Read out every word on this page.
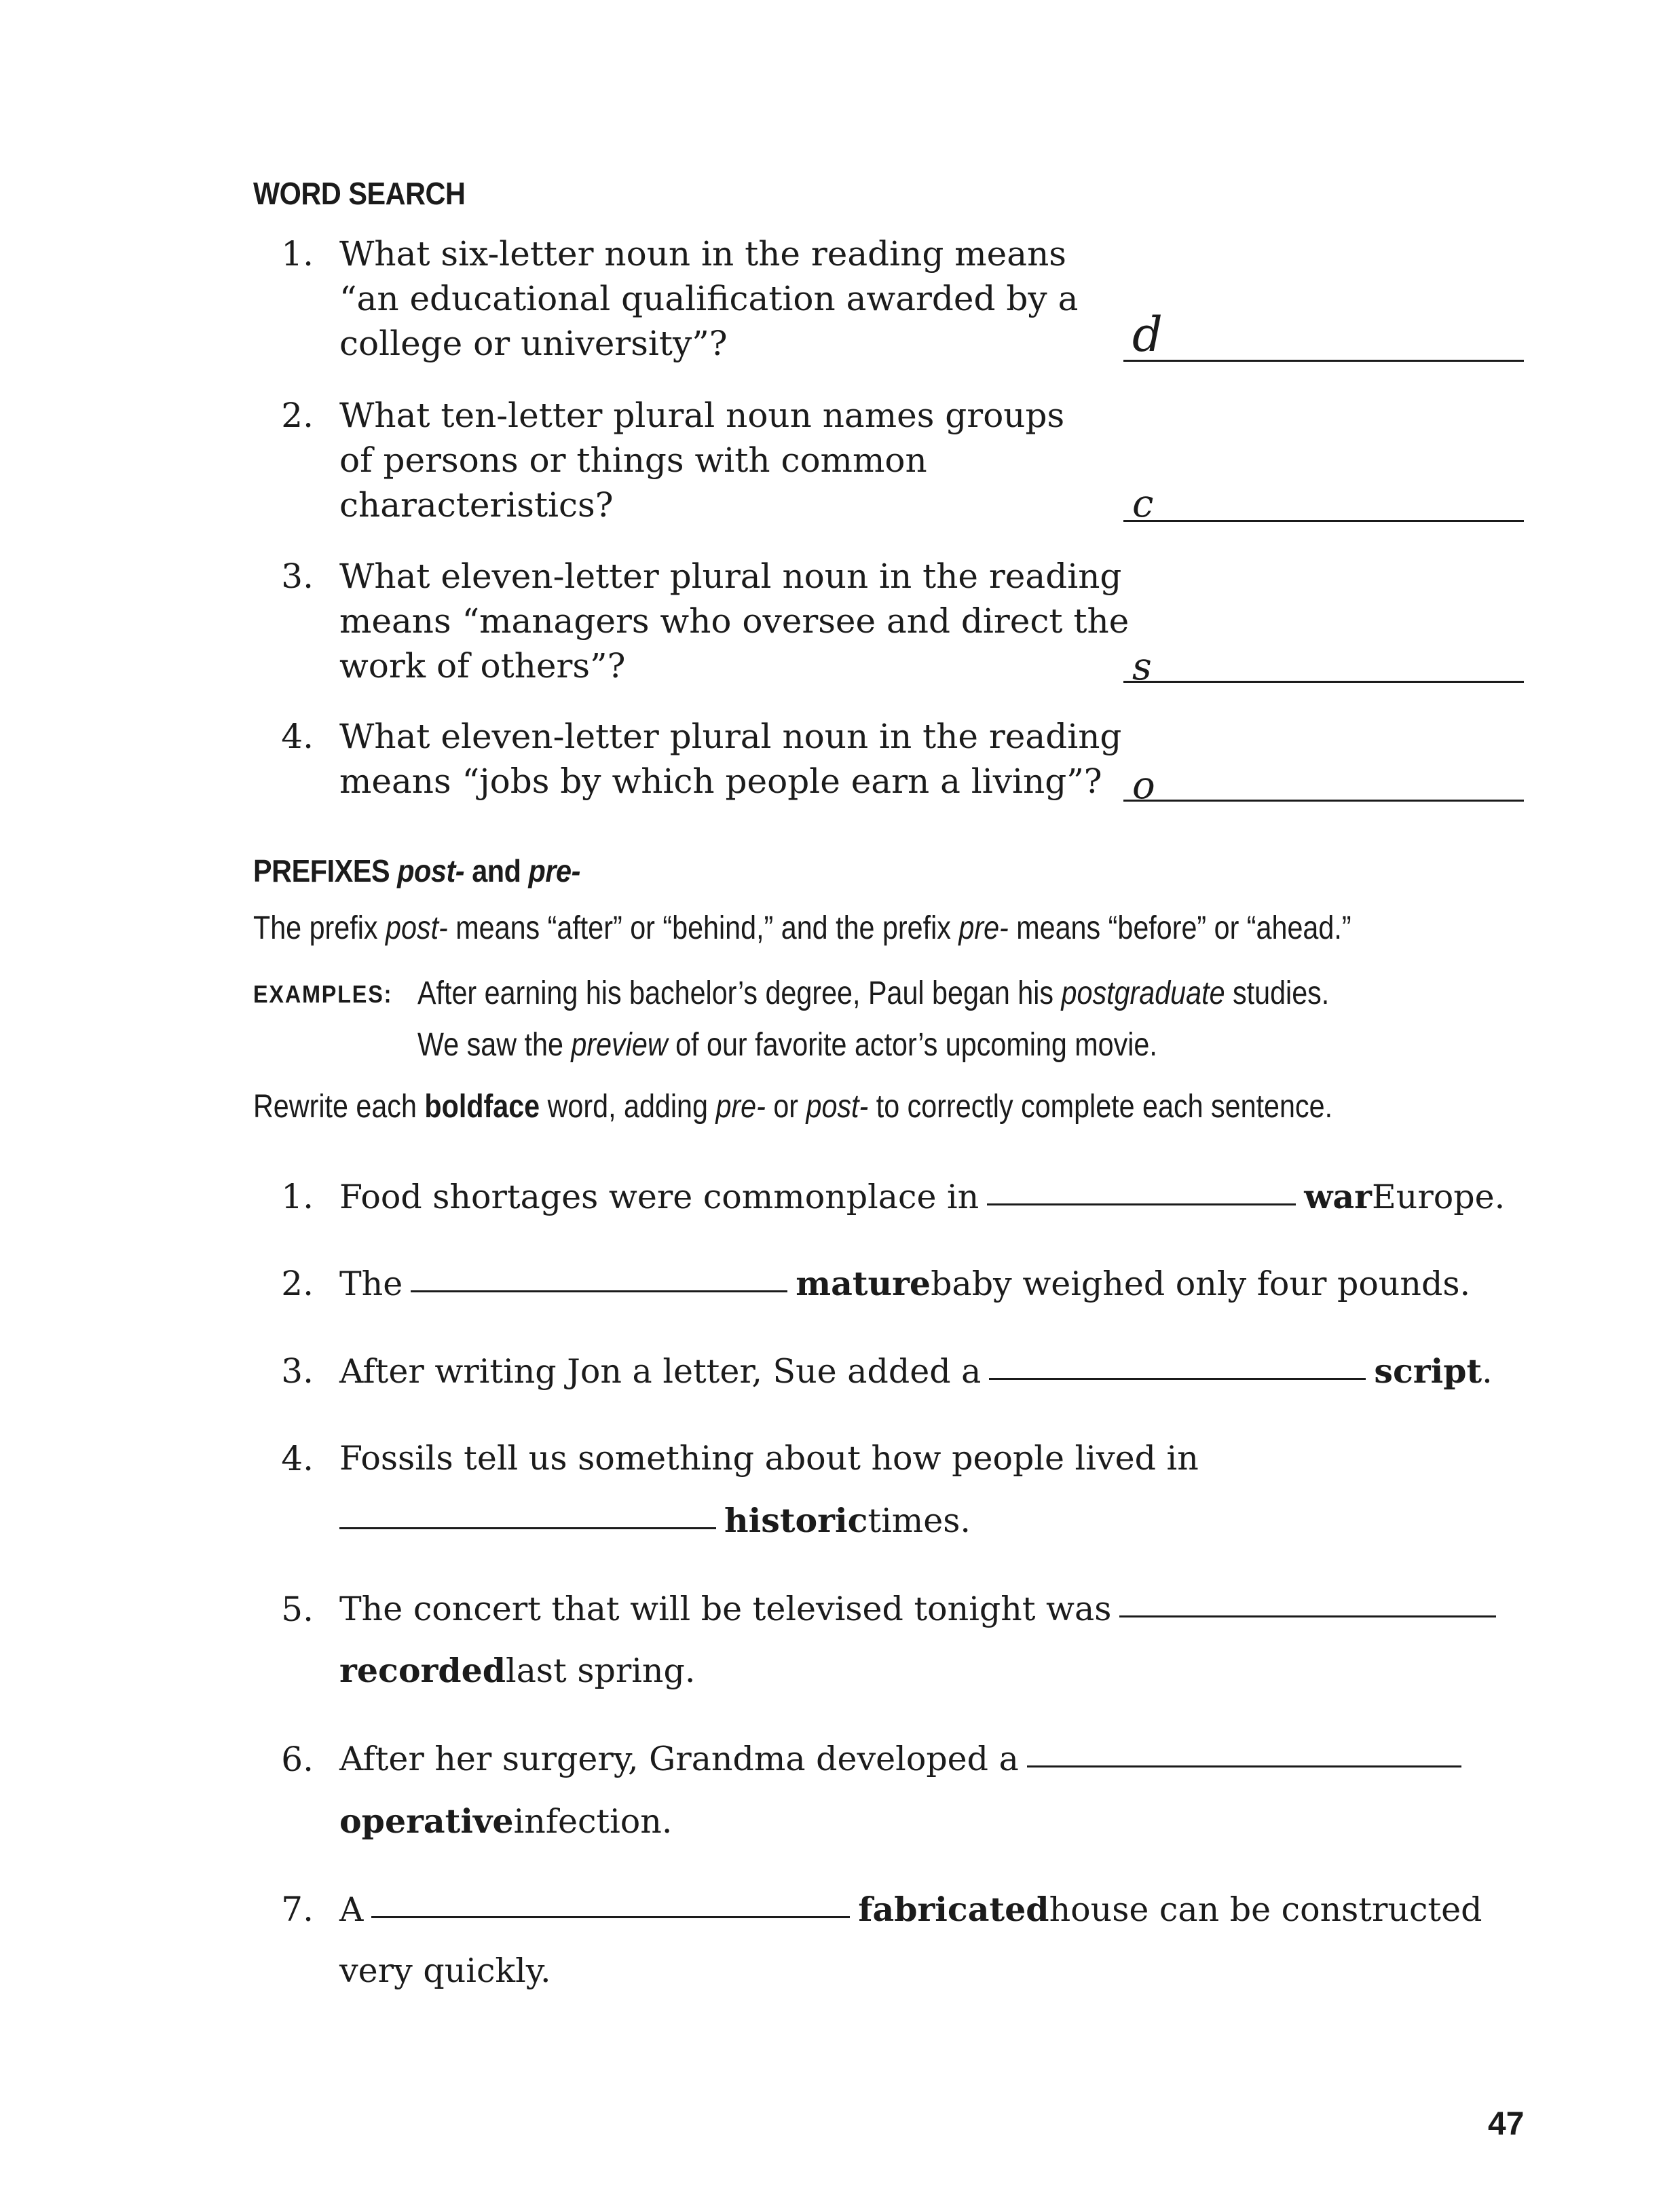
WORD SEARCH
1. What six-letter noun in the reading means
“an educational qualification awarded by a
college or university”?	d
2. What ten-letter plural noun names groups
of persons or things with common
characteristics?	c
3. What eleven-letter plural noun in the reading
means “managers who oversee and direct the
work of others”?	s
4. What eleven-letter plural noun in the reading
means “jobs by which people earn a living”? o
PREFIXES post- and pre-
The prefix post- means “after” or “behind,” and the prefix pre- means “before” or “ahead.”
EXAMPLES: After earning his bachelor’s degree, Paul began his postgraduate studies.
We saw the preview of our favorite actor’s upcoming movie.
Rewrite each boldface word, adding pre- or post- to correctly complete each sentence.
1. Food shortages were commonplace in	war Europe.
2. The	mature baby weighed only four pounds.
3. After writing Jon a letter, Sue added a	script .
4. Fossils tell us something about how people lived in
historic times.
5. The concert that will be televised tonight was
recorded last spring.
6. After her surgery, Grandma developed a
operative infection.
7. A	fabricated house can be constructed
very quickly.
47
